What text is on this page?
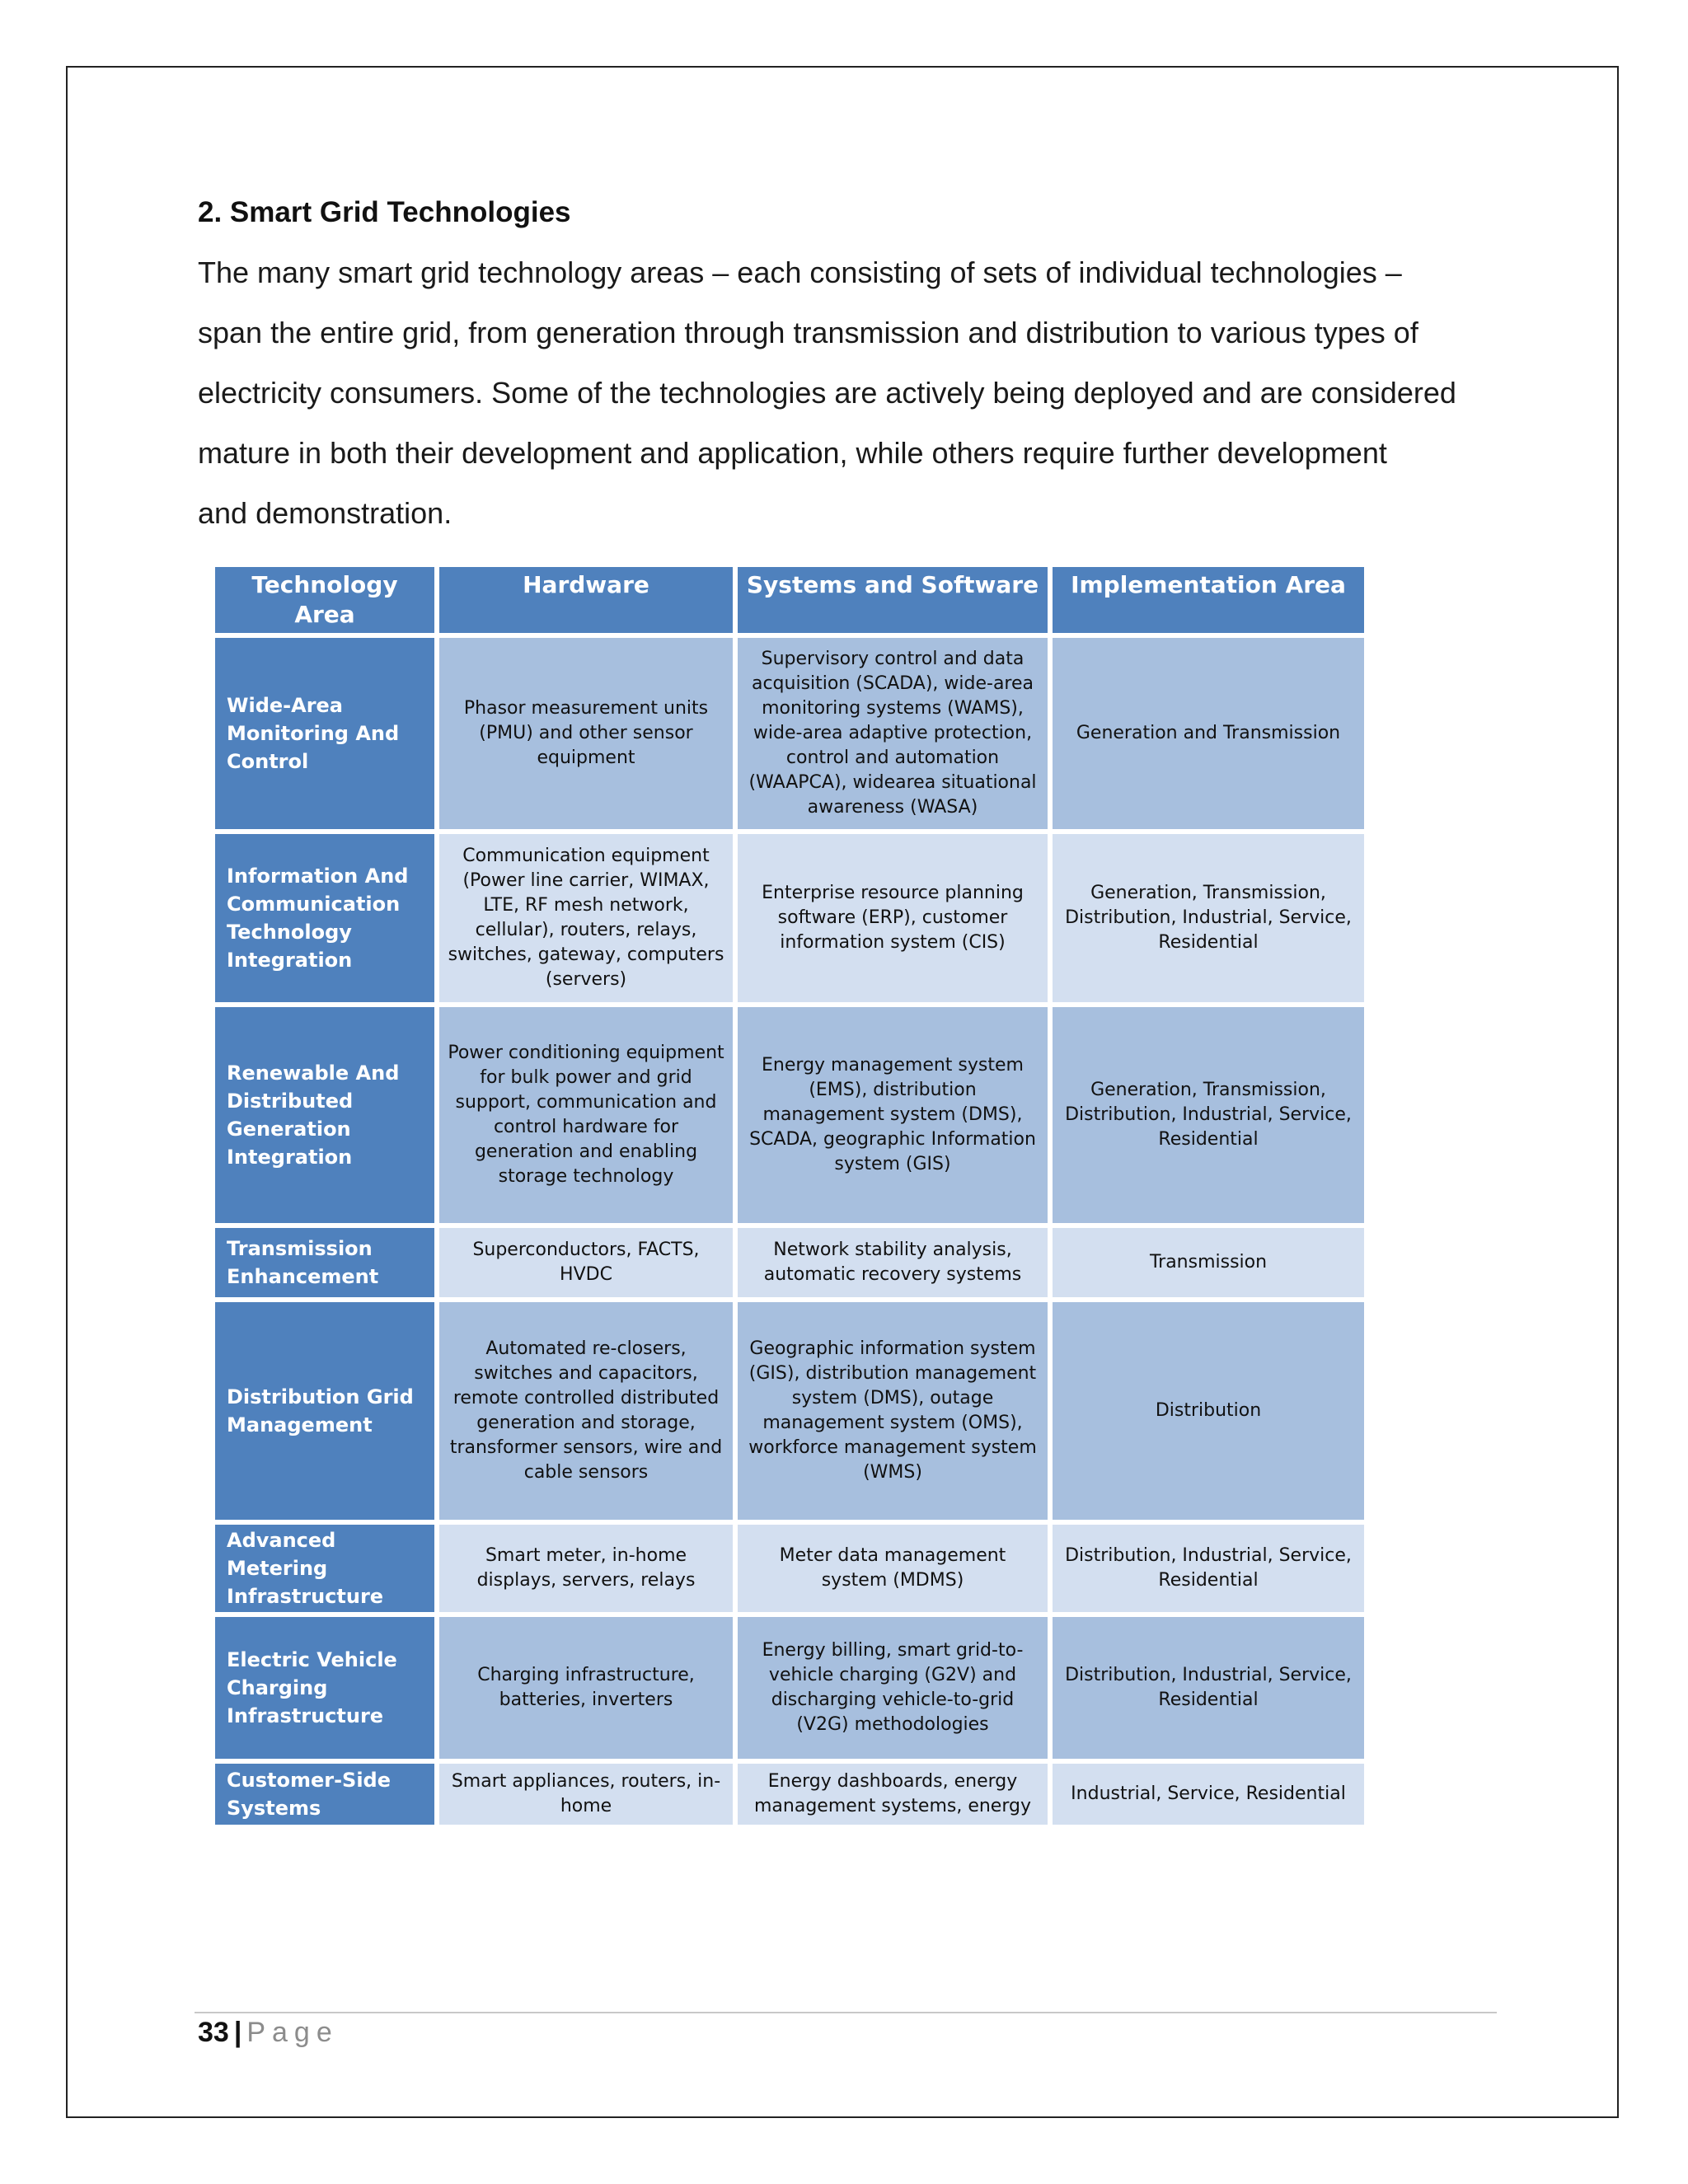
2. Smart Grid Technologies

The many smart grid technology areas – each consisting of sets of individual technologies –
span the entire grid, from generation through transmission and distribution to various types of
electricity consumers. Some of the technologies are actively being deployed and are considered
mature in both their development and application, while others require further development
and demonstration.

Technology Area	Hardware	Systems and Software	Implementation Area
Wide-Area Monitoring And Control	Phasor measurement units (PMU) and other sensor equipment	Supervisory control and data acquisition (SCADA), wide-area monitoring systems (WAMS), wide-area adaptive protection, control and automation (WAAPCA), widearea situational awareness (WASA)	Generation and Transmission
Information And Communication Technology Integration	Communication equipment (Power line carrier, WIMAX, LTE, RF mesh network, cellular), routers, relays, switches, gateway, computers (servers)	Enterprise resource planning software (ERP), customer information system (CIS)	Generation, Transmission, Distribution, Industrial, Service, Residential
Renewable And Distributed Generation Integration	Power conditioning equipment for bulk power and grid support, communication and control hardware for generation and enabling storage technology	Energy management system (EMS), distribution management system (DMS), SCADA, geographic Information system (GIS)	Generation, Transmission, Distribution, Industrial, Service, Residential
Transmission Enhancement	Superconductors, FACTS, HVDC	Network stability analysis, automatic recovery systems	Transmission
Distribution Grid Management	Automated re-closers, switches and capacitors, remote controlled distributed generation and storage, transformer sensors, wire and cable sensors	Geographic information system (GIS), distribution management system (DMS), outage management system (OMS), workforce management system (WMS)	Distribution
Advanced Metering Infrastructure	Smart meter, in-home displays, servers, relays	Meter data management system (MDMS)	Distribution, Industrial, Service, Residential
Electric Vehicle Charging Infrastructure	Charging infrastructure, batteries, inverters	Energy billing, smart grid-to-vehicle charging (G2V) and discharging vehicle-to-grid (V2G) methodologies	Distribution, Industrial, Service, Residential
Customer-Side Systems	Smart appliances, routers, in-home	Energy dashboards, energy management systems, energy	Industrial, Service, Residential
33 | Page
